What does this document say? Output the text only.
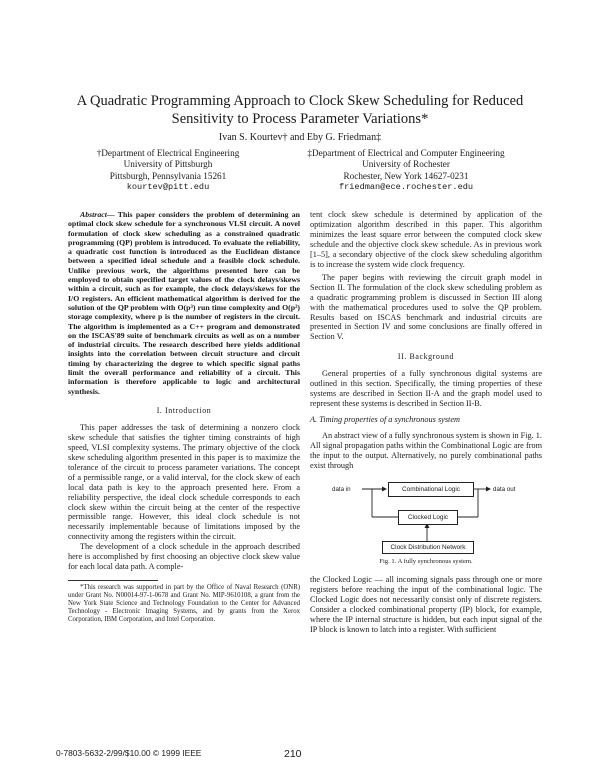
A Quadratic Programming Approach to Clock Skew Scheduling for Reduced Sensitivity to Process Parameter Variations*
Ivan S. Kourtev† and Eby G. Friedman‡
†Department of Electrical Engineering
University of Pittsburgh
Pittsburgh, Pennsylvania 15261
kourtev@pitt.edu
‡Department of Electrical and Computer Engineering
University of Rochester
Rochester, New York 14627-0231
friedman@ece.rochester.edu

Abstract— This paper considers the problem of determining an optimal clock skew schedule for a synchronous VLSI circuit. A novel formulation of clock skew scheduling as a constrained quadratic programming (QP) problem is introduced. To evaluate the reliability, a quadratic cost function is introduced as the Euclidean distance between a specified ideal schedule and a feasible clock schedule. Unlike previous work, the algorithms presented here can be employed to obtain specified target values of the clock delays/skews within a circuit, such as for example, the clock delays/skews for the I/O registers. An efficient mathematical algorithm is derived for the solution of the QP problem with O(p³) run time complexity and O(p²) storage complexity, where p is the number of registers in the circuit. The algorithm is implemented as a C++ program and demonstrated on the ISCAS'89 suite of benchmark circuits as well as on a number of industrial circuits. The research described here yields additional insights into the correlation between circuit structure and circuit timing by characterizing the degree to which specific signal paths limit the overall performance and reliability of a circuit. This information is therefore applicable to logic and architectural synthesis.

I. Introduction

This paper addresses the task of determining a nonzero clock skew schedule that satisfies the tighter timing constraints of high speed, VLSI complexity systems. The primary objective of the clock skew scheduling algorithm presented in this paper is to maximize the tolerance of the circuit to process parameter variations. The concept of a permissible range, or a valid interval, for the clock skew of each local data path is key to the approach presented here. From a reliability perspective, the ideal clock schedule corresponds to each clock skew within the circuit being at the center of the respective permissible range. However, this ideal clock schedule is not necessarily implementable because of limitations imposed by the connectivity among the registers within the circuit.

The development of a clock schedule in the approach described here is accomplished by first choosing an objective clock skew value for each local data path. A comple-

*This research was supported in part by the Office of Naval Research (ONR) under Grant No. N00014-97-1-0678 and Grant No. MIP-9610108, a grant from the New York State Science and Technology Foundation to the Center for Advanced Technology - Electronic Imaging Systems, and by grants from the Xerox Corporation, IBM Corporation, and Intel Corporation.

tent clock skew schedule is determined by application of the optimization algorithm described in this paper. This algorithm minimizes the least square error between the computed clock skew schedule and the objective clock skew schedule. As in previous work [1–5], a secondary objective of the clock skew scheduling algorithm is to increase the system wide clock frequency.

The paper begins with reviewing the circuit graph model in Section II. The formulation of the clock skew scheduling problem as a quadratic programming problem is discussed in Section III along with the mathematical procedures used to solve the QP problem. Results based on ISCAS benchmark and industrial circuits are presented in Section IV and some conclusions are finally offered in Section V.

II. Background

General properties of a fully synchronous digital systems are outlined in this section. Specifically, the timing properties of these systems are described in Section II-A and the graph model used to represent these systems is described in Section II-B.

A. Timing properties of a synchronous system

An abstract view of a fully synchronous system is shown in Fig. 1. All signal propagation paths within the Combinational Logic are from the input to the output. Alternatively, no purely combinational paths exist through

data in	data out
Combinational Logic
Clocked Logic
Clock Distribution Network
Fig. 1. A fully synchronous system.

the Clocked Logic — all incoming signals pass through one or more registers before reaching the input of the combinational logic. The Clocked Logic does not necessarily consist only of discrete registers. Consider a clocked combinational property (IP) block, for example, where the IP internal structure is hidden, but each input signal of the IP block is known to latch into a register. With sufficient

0-7803-5632-2/99/$10.00 © 1999 IEEE	210
